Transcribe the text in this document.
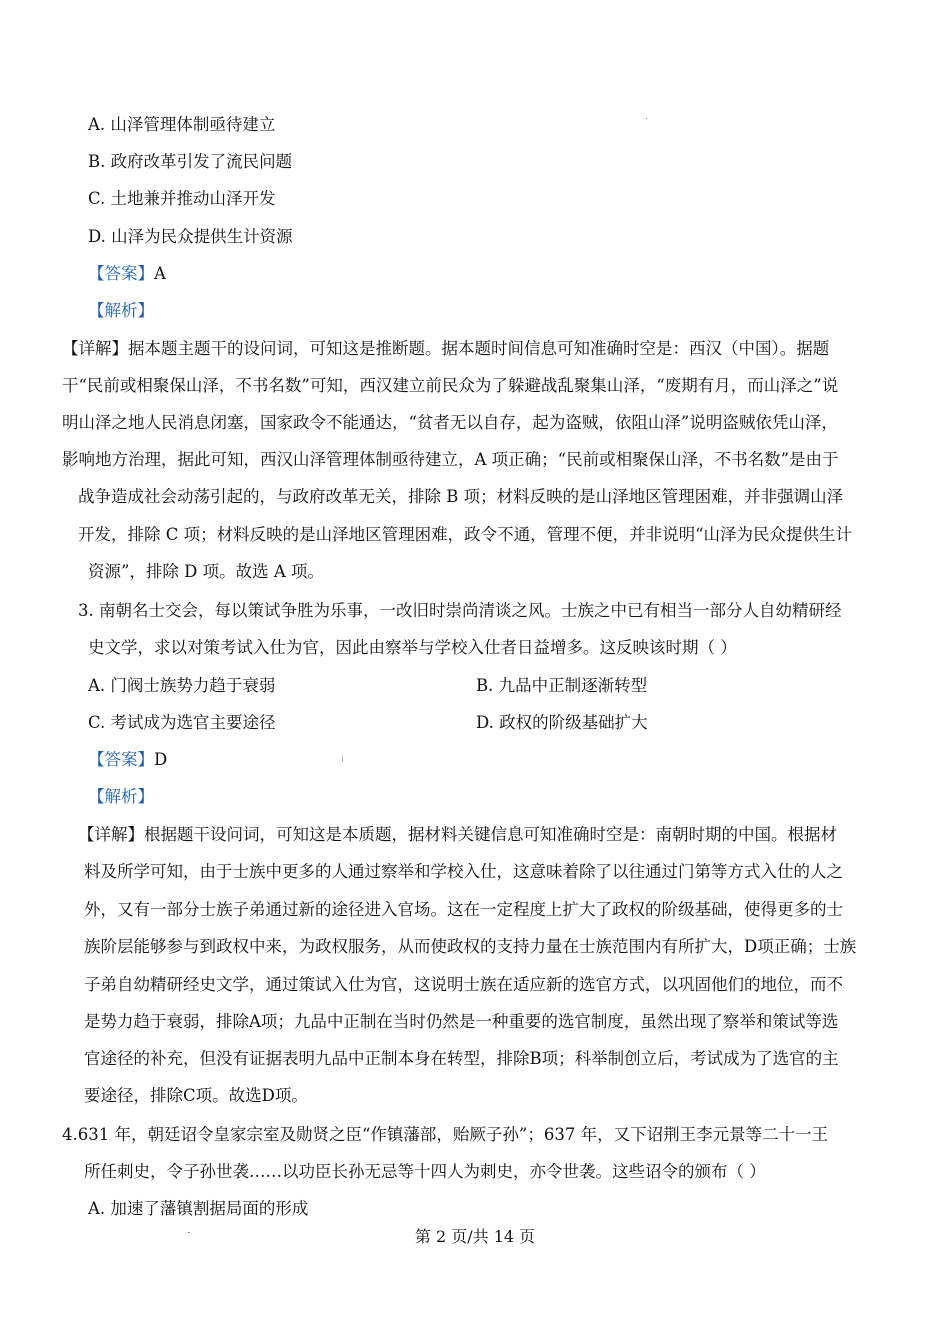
A. 山泽管理体制亟待建立
B. 政府改革引发了流民问题
C. 土地兼并推动山泽开发
D. 山泽为民众提供生计资源
【答案】A
【解析】
【详解】据本题主题干的设问词，可知这是推断题。据本题时间信息可知准确时空是：西汉（中国）。据题
干“民前或相聚保山泽，不书名数”可知，西汉建立前民众为了躲避战乱聚集山泽，“废期有月，而山泽之”说
明山泽之地人民消息闭塞，国家政令不能通达，“贫者无以自存，起为盗贼，依阻山泽”说明盗贼依凭山泽，
影响地方治理，据此可知，西汉山泽管理体制亟待建立，A 项正确；“民前或相聚保山泽，不书名数”是由于
战争造成社会动荡引起的，与政府改革无关，排除 B 项；材料反映的是山泽地区管理困难，并非强调山泽
开发，排除 C 项；材料反映的是山泽地区管理困难，政令不通，管理不便，并非说明“山泽为民众提供生计
资源”，排除 D 项。故选 A 项。
3. 南朝名士交会，每以策试争胜为乐事，一改旧时崇尚清谈之风。士族之中已有相当一部分人自幼精研经
史文学，求以对策考试入仕为官，因此由察举与学校入仕者日益增多。这反映该时期（ ）
A. 门阀士族势力趋于衰弱	B. 九品中正制逐渐转型
C. 考试成为选官主要途径	D. 政权的阶级基础扩大
【答案】D
【解析】
【详解】根据题干设问词，可知这是本质题，据材料关键信息可知准确时空是：南朝时期的中国。根据材
料及所学可知，由于士族中更多的人通过察举和学校入仕，这意味着除了以往通过门第等方式入仕的人之
外，又有一部分士族子弟通过新的途径进入官场。这在一定程度上扩大了政权的阶级基础，使得更多的士
族阶层能够参与到政权中来，为政权服务，从而使政权的支持力量在士族范围内有所扩大，D项正确；士族
子弟自幼精研经史文学，通过策试入仕为官，这说明士族在适应新的选官方式，以巩固他们的地位，而不
是势力趋于衰弱，排除A项；九品中正制在当时仍然是一种重要的选官制度，虽然出现了察举和策试等选
官途径的补充，但没有证据表明九品中正制本身在转型，排除B项；科举制创立后，考试成为了选官的主
要途径，排除C项。故选D项。
4.631 年，朝廷诏令皇家宗室及勋贤之臣“作镇藩部，贻厥子孙”；637 年，又下诏荆王李元景等二十一王
所任刺史，令子孙世袭……以功臣长孙无忌等十四人为刺史，亦令世袭。这些诏令的颁布（ ）
A. 加速了藩镇割据局面的形成
第 2 页/共 14 页
